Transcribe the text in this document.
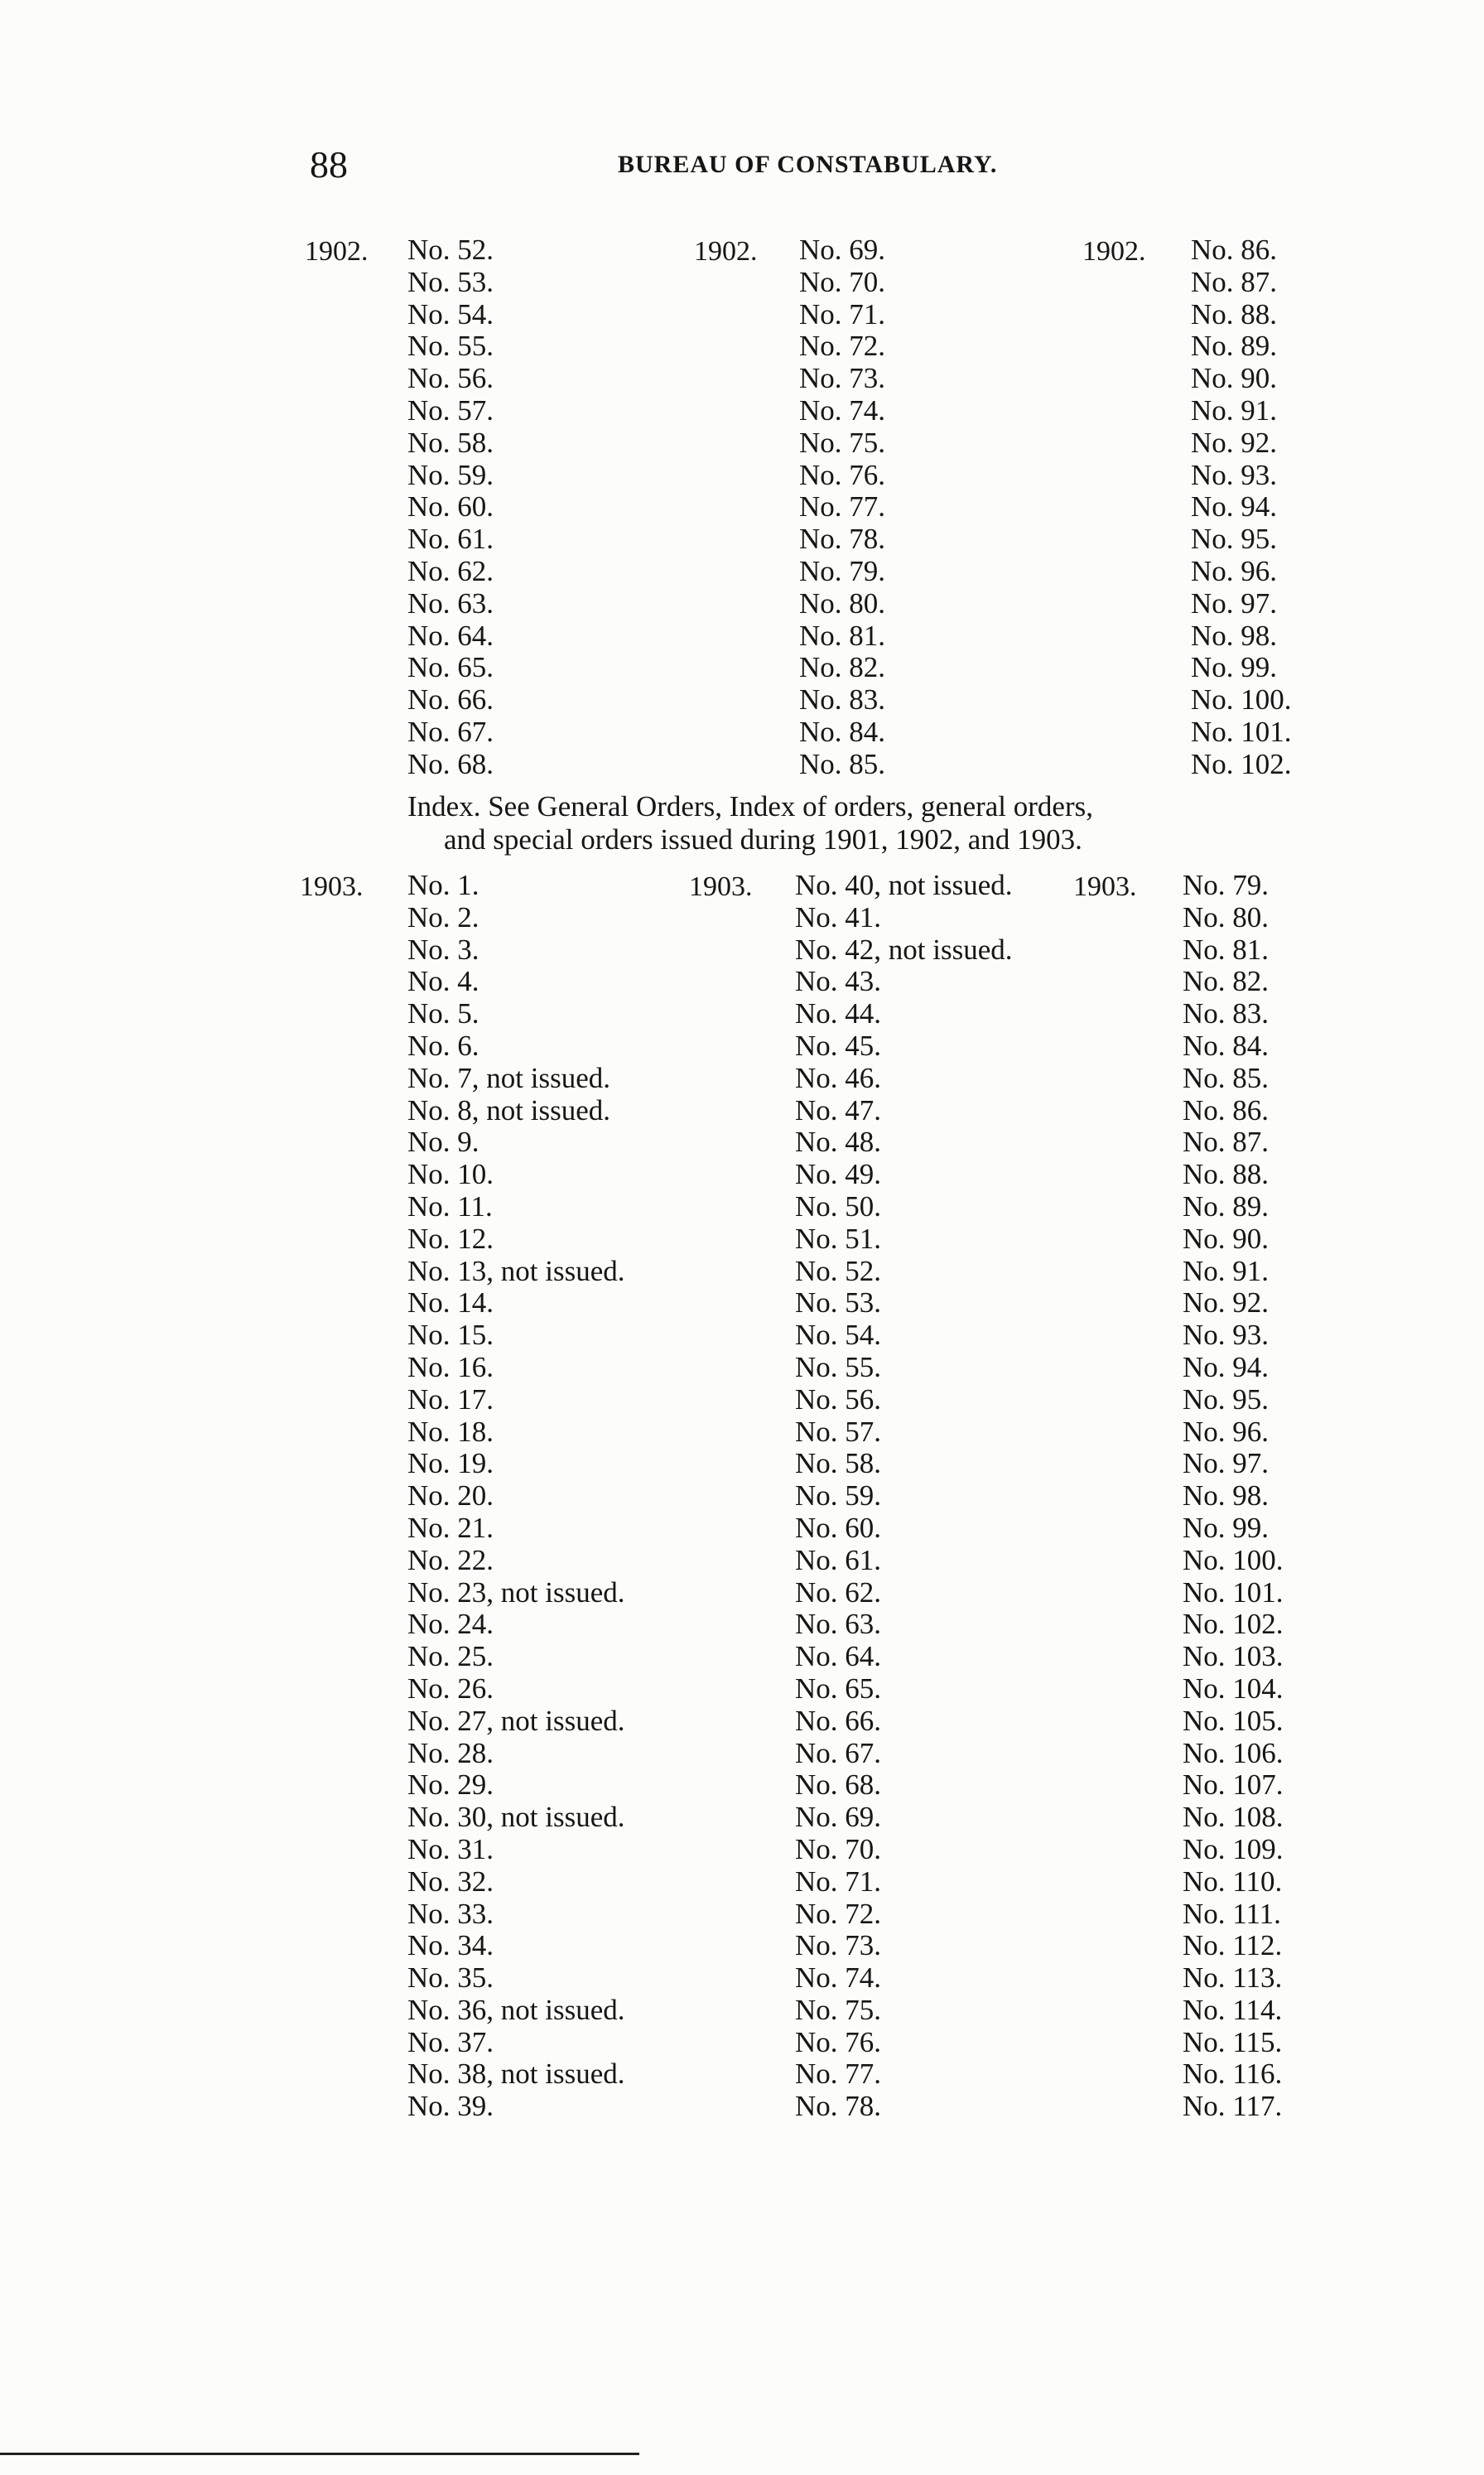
88	BUREAU OF CONSTABULARY.
1902. No. 52.
No. 53.
No. 54.
No. 55.
No. 56.
No. 57.
No. 58.
No. 59.
No. 60.
No. 61.
No. 62.
No. 63.
No. 64.
No. 65.
No. 66.
No. 67.
No. 68.
1902. No. 69.
No. 70.
No. 71.
No. 72.
No. 73.
No. 74.
No. 75.
No. 76.
No. 77.
No. 78.
No. 79.
No. 80.
No. 81.
No. 82.
No. 83.
No. 84.
No. 85.
1902. No. 86.
No. 87.
No. 88.
No. 89.
No. 90.
No. 91.
No. 92.
No. 93.
No. 94.
No. 95.
No. 96.
No. 97.
No. 98.
No. 99.
No. 100.
No. 101.
No. 102.
Index. See General Orders, Index of orders, general orders,
and special orders issued during 1901, 1902, and 1903.
1903. No. 1.
No. 2.
No. 3.
No. 4.
No. 5.
No. 6.
No. 7, not issued.
No. 8, not issued.
No. 9.
No. 10.
No. 11.
No. 12.
No. 13, not issued.
No. 14.
No. 15.
No. 16.
No. 17.
No. 18.
No. 19.
No. 20.
No. 21.
No. 22.
No. 23, not issued.
No. 24.
No. 25.
No. 26.
No. 27, not issued.
No. 28.
No. 29.
No. 30, not issued.
No. 31.
No. 32.
No. 33.
No. 34.
No. 35.
No. 36, not issued.
No. 37.
No. 38, not issued.
No. 39.
1903. No. 40, not issued.
No. 41.
No. 42, not issued.
No. 43.
No. 44.
No. 45.
No. 46.
No. 47.
No. 48.
No. 49.
No. 50.
No. 51.
No. 52.
No. 53.
No. 54.
No. 55.
No. 56.
No. 57.
No. 58.
No. 59.
No. 60.
No. 61.
No. 62.
No. 63.
No. 64.
No. 65.
No. 66.
No. 67.
No. 68.
No. 69.
No. 70.
No. 71.
No. 72.
No. 73.
No. 74.
No. 75.
No. 76.
No. 77.
No. 78.
1903. No. 79.
No. 80.
No. 81.
No. 82.
No. 83.
No. 84.
No. 85.
No. 86.
No. 87.
No. 88.
No. 89.
No. 90.
No. 91.
No. 92.
No. 93.
No. 94.
No. 95.
No. 96.
No. 97.
No. 98.
No. 99.
No. 100.
No. 101.
No. 102.
No. 103.
No. 104.
No. 105.
No. 106.
No. 107.
No. 108.
No. 109.
No. 110.
No. 111.
No. 112.
No. 113.
No. 114.
No. 115.
No. 116.
No. 117.
